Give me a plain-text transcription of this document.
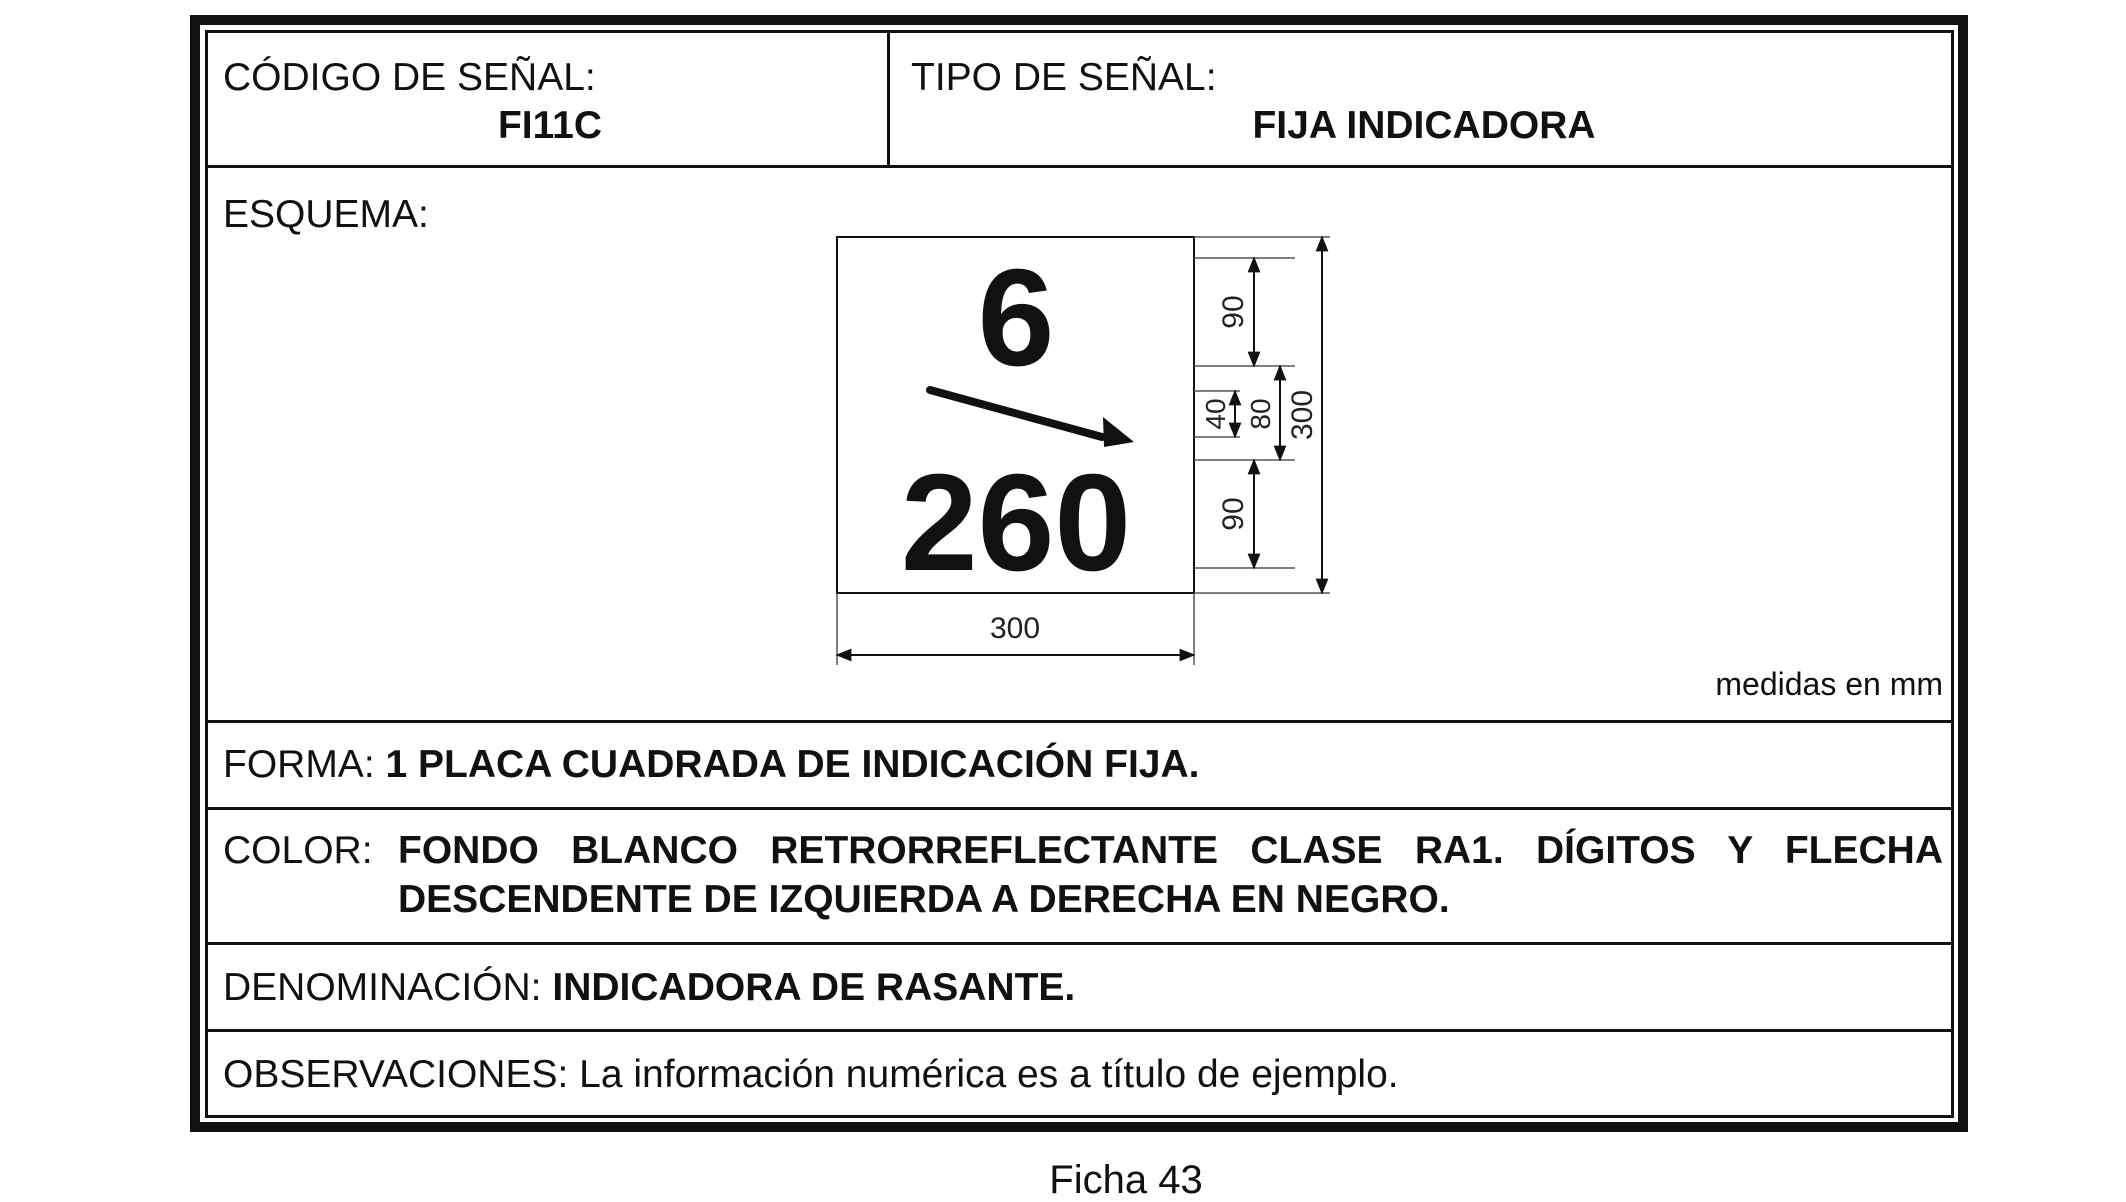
CÓDIGO DE SEÑAL:
FI11C
TIPO DE SEÑAL:
FIJA INDICADORA
ESQUEMA:
6
260
300
300
90
40 80
90
medidas en mm
FORMA: 1 PLACA CUADRADA DE INDICACIÓN FIJA.
COLOR: FONDO BLANCO RETRORREFLECTANTE CLASE RA1. DÍGITOS Y FLECHA DESCENDENTE DE IZQUIERDA A DERECHA EN NEGRO.
DENOMINACIÓN: INDICADORA DE RASANTE.
OBSERVACIONES: La información numérica es a título de ejemplo.
Ficha 43
